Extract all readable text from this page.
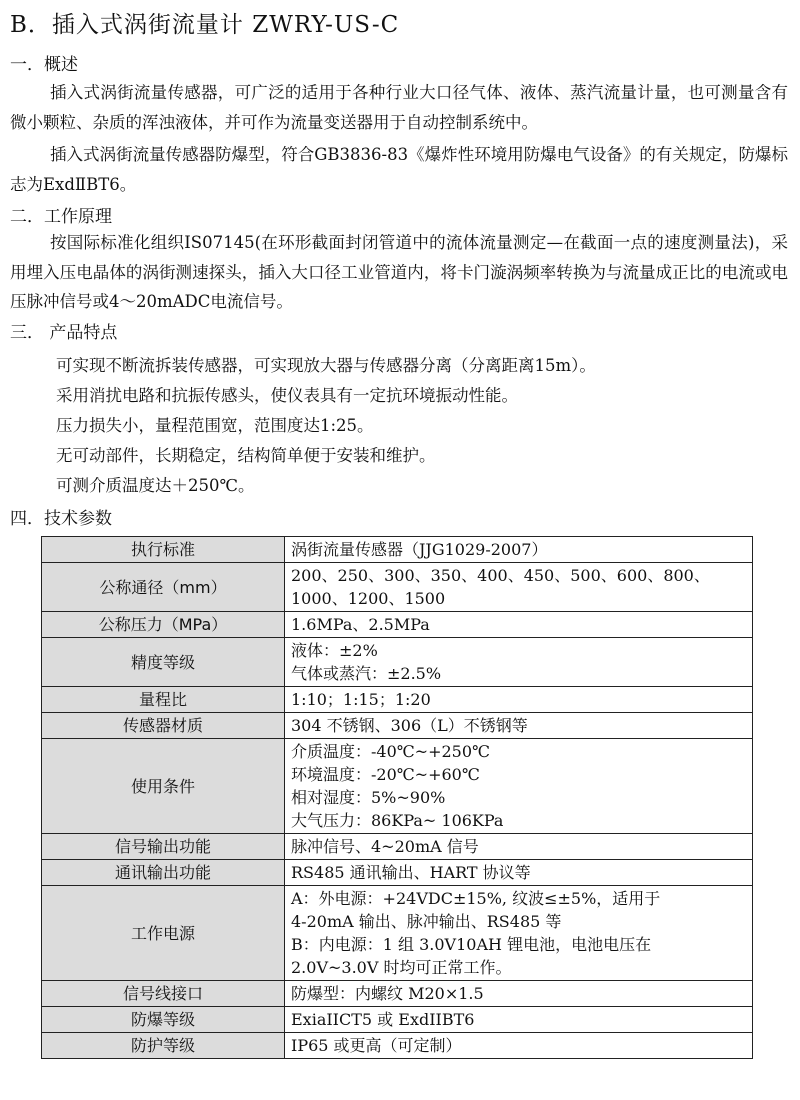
B．插入式涡街流量计 ZWRY-US-C
一．概述
插入式涡街流量传感器，可广泛的适用于各种行业大口径气体、液体、蒸汽流量计量，也可测量含有微小颗粒、杂质的浑浊液体，并可作为流量变送器用于自动控制系统中。
插入式涡街流量传感器防爆型，符合GB3836-83《爆炸性环境用防爆电气设备》的有关规定，防爆标志为ExdⅡBT6。
二．工作原理
按国际标准化组织IS07145(在环形截面封闭管道中的流体流量测定—在截面一点的速度测量法)，采用埋入压电晶体的涡街测速探头，插入大口径工业管道内，将卡门漩涡频率转换为与流量成正比的电流或电压脉冲信号或4～20mADC电流信号。
三． 产品特点
可实现不断流拆装传感器，可实现放大器与传感器分离（分离距离15m）。
采用消扰电路和抗振传感头，使仪表具有一定抗环境振动性能。
压力损失小，量程范围宽，范围度达1:25。
无可动部件，长期稳定，结构简单便于安装和维护。
可测介质温度达＋250℃。
四．技术参数
执行标准	涡街流量传感器（JJG1029-2007）

公称通径（mm）	200、250、300、350、400、450、500、600、800、
1000、1200、1500

公称压力（MPa）	1.6MPa、2.5MPa

精度等级	液体：±2%
气体或蒸汽：±2.5%

量程比	1:10；1:15；1:20

传感器材质	304 不锈钢、306（L）不锈钢等

使用条件	介质温度：-40℃~+250℃
环境温度：-20℃~+60℃
相对湿度：5%~90%
大气压力：86KPa~ 106KPa

信号输出功能	脉冲信号、4~20mA 信号

通讯输出功能	RS485 通讯输出、HART 协议等

工作电源	A：外电源：+24VDC±15%, 纹波≤±5%，适用于
4-20mA 输出、脉冲输出、RS485 等
B：内电源：1 组 3.0V10AH 锂电池，电池电压在
2.0V~3.0V 时均可正常工作。

信号线接口	防爆型：内螺纹 M20×1.5

防爆等级	ExiaIICT5 或 ExdIIBT6

防护等级	IP65 或更高（可定制）
